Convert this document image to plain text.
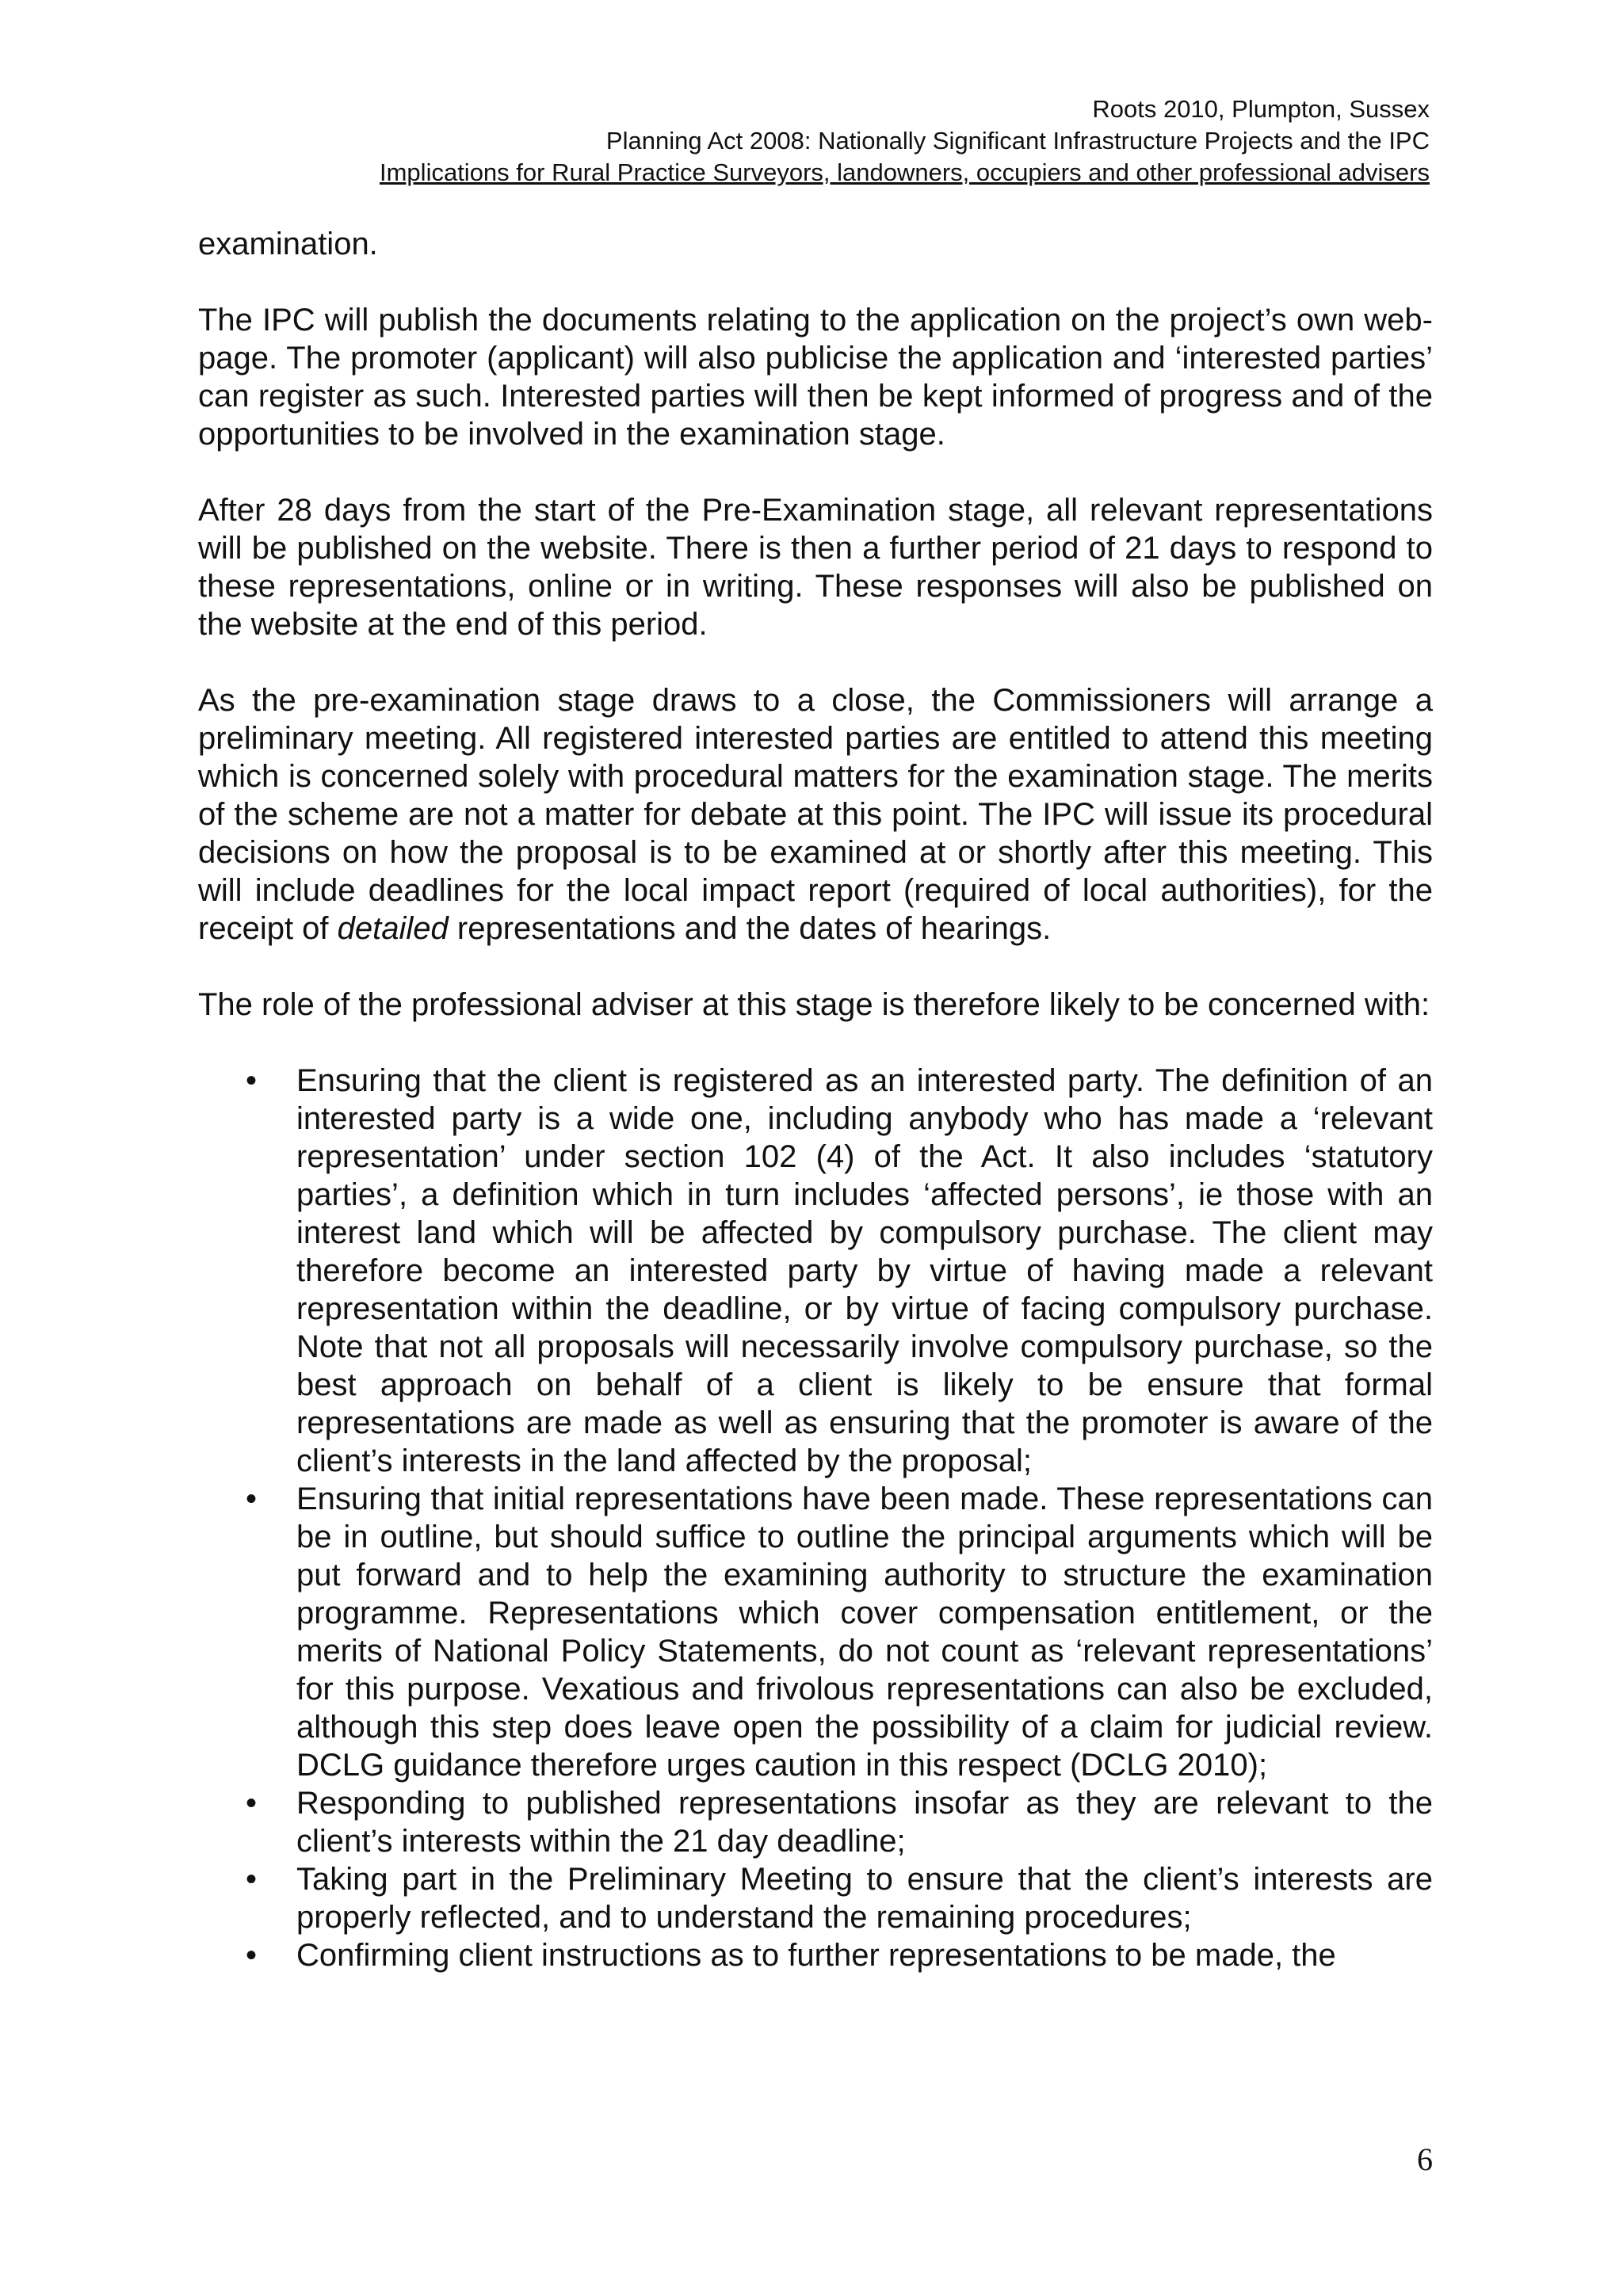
Roots 2010, Plumpton, Sussex
Planning Act 2008: Nationally Significant Infrastructure Projects and the IPC
Implications for Rural Practice Surveyors, landowners, occupiers and other professional advisers

examination.

The IPC will publish the documents relating to the application on the project’s own web-page. The promoter (applicant) will also publicise the application and ‘interested parties’ can register as such. Interested parties will then be kept informed of progress and of the opportunities to be involved in the examination stage.

After 28 days from the start of the Pre-Examination stage, all relevant representations will be published on the website. There is then a further period of 21 days to respond to these representations, online or in writing. These responses will also be published on the website at the end of this period.

As the pre-examination stage draws to a close, the Commissioners will arrange a preliminary meeting. All registered interested parties are entitled to attend this meeting which is concerned solely with procedural matters for the examination stage. The merits of the scheme are not a matter for debate at this point. The IPC will issue its procedural decisions on how the proposal is to be examined at or shortly after this meeting. This will include deadlines for the local impact report (required of local authorities), for the receipt of detailed representations and the dates of hearings.

The role of the professional adviser at this stage is therefore likely to be concerned with:

• Ensuring that the client is registered as an interested party. The definition of an interested party is a wide one, including anybody who has made a ‘relevant representation’ under section 102 (4) of the Act. It also includes ‘statutory parties’, a definition which in turn includes ‘affected persons’, ie those with an interest land which will be affected by compulsory purchase. The client may therefore become an interested party by virtue of having made a relevant representation within the deadline, or by virtue of facing compulsory purchase. Note that not all proposals will necessarily involve compulsory purchase, so the best approach on behalf of a client is likely to be ensure that formal representations are made as well as ensuring that the promoter is aware of the client’s interests in the land affected by the proposal;
• Ensuring that initial representations have been made. These representations can be in outline, but should suffice to outline the principal arguments which will be put forward and to help the examining authority to structure the examination programme. Representations which cover compensation entitlement, or the merits of National Policy Statements, do not count as ‘relevant representations’ for this purpose. Vexatious and frivolous representations can also be excluded, although this step does leave open the possibility of a claim for judicial review. DCLG guidance therefore urges caution in this respect (DCLG 2010);
• Responding to published representations insofar as they are relevant to the client’s interests within the 21 day deadline;
• Taking part in the Preliminary Meeting to ensure that the client’s interests are properly reflected, and to understand the remaining procedures;
• Confirming client instructions as to further representations to be made, the
6
